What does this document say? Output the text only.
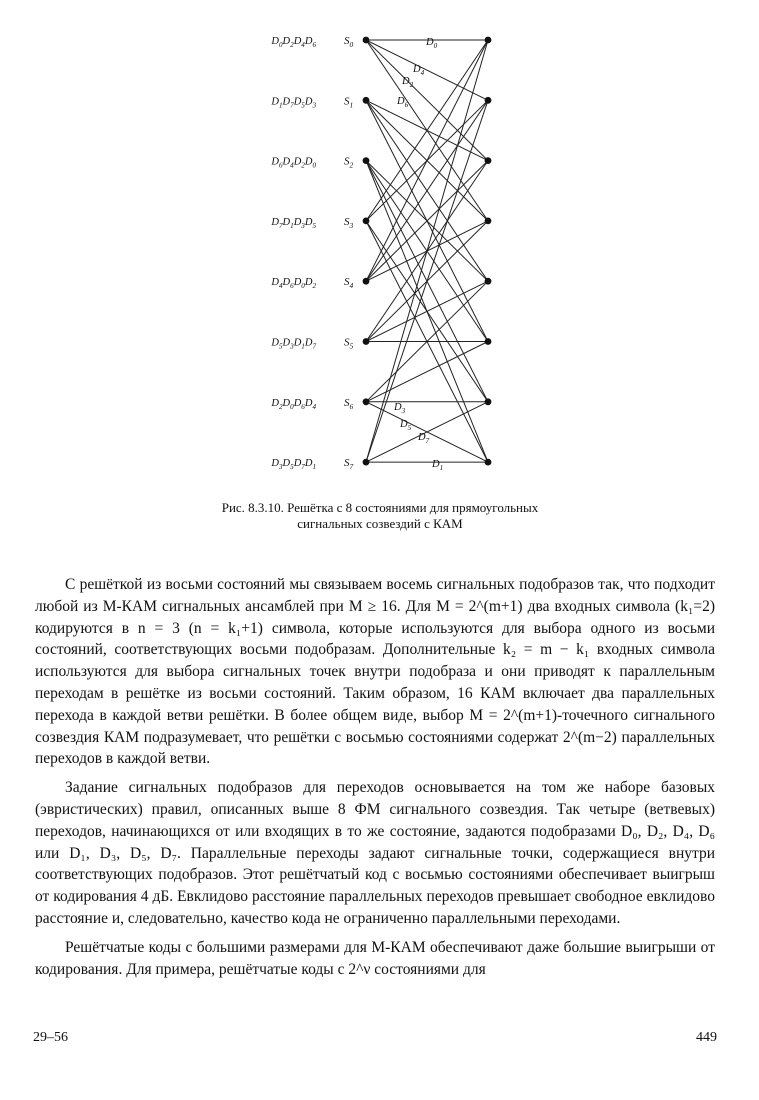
$S_0$
$S_1$
$S_2$
$S_3$
$S_4$
$S_5$
$S_6$
$S_7$
$D_0D_2D_4D_6$
$D_1D_7D_5D_3$
$D_6D_4D_2D_0$
$D_7D_1D_3D_5$
$D_4D_6D_0D_2$
$D_5D_3D_1D_7$
$D_2D_0D_6D_4$
$D_3D_5D_7D_1$
$D_0$
$D_4$
$D_2$
$D_6$
$D_3$
$D_5$
$D_7$
$D_1$
Рис. 8.3.10. Решётка с 8 состояниями для прямоугольных
сигнальных созвездий с КАМ

С решёткой из восьми состояний мы связываем восемь сигнальных подобразов так, что подходит любой из M-КАМ сигнальных ансамблей при M ≥ 16. Для M = 2^(m+1) два входных символа (k₁=2) кодируются в n = 3 (n = k₁+1) символа, которые используются для выбора одного из восьми состояний, соответствующих восьми подобразам. Дополнительные k₂ = m − k₁ входных символа используются для выбора сигнальных точек внутри подобраза и они приводят к параллельным переходам в решётке из восьми состояний. Таким образом, 16 КАМ включает два параллельных перехода в каждой ветви решётки. В более общем виде, выбор M = 2^(m+1)-точечного сигнального созвездия КАМ подразумевает, что решётки с восьмью состояниями содержат 2^(m−2) параллельных переходов в каждой ветви.

Задание сигнальных подобразов для переходов основывается на том же наборе базовых (эвристических) правил, описанных выше 8 ФМ сигнального созвездия. Так четыре (ветвевых) переходов, начинающихся от или входящих в то же состояние, задаются подобразами D₀, D₂, D₄, D₆ или D₁, D₃, D₅, D₇. Параллельные переходы задают сигнальные точки, содержащиеся внутри соответствующих подобразов. Этот решётчатый код с восьмью состояниями обеспечивает выигрыш от кодирования 4 дБ. Евклидово расстояние параллельных переходов превышает свободное евклидово расстояние и, следовательно, качество кода не ограниченно параллельными переходами.

Решётчатые коды с большими размерами для М-КАМ обеспечивают даже большие выигрыши от кодирования. Для примера, решётчатые коды с 2^ν состояниями для

29–56	449
